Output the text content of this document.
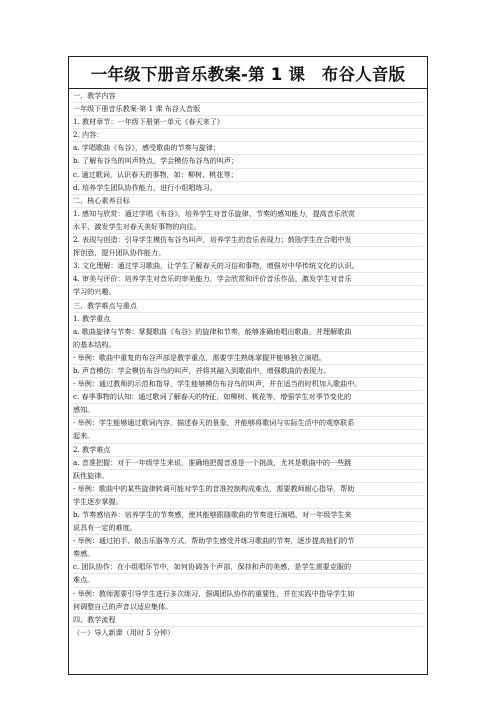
一年级下册音乐教案-第 1 课　布谷人音版
一、教学内容
一年级下册音乐教案-第 1 课 布谷人音版
1. 教材章节：一年级下册第一单元《春天来了》
2. 内容：
a. 学唱歌曲《布谷》，感受歌曲的节奏与旋律；
b. 了解布谷鸟的叫声特点，学会模仿布谷鸟的叫声；
c. 通过歌词，认识春天的事物，如：柳树、桃花等；
d. 培养学生团队协作能力，进行小组唱练习。
二、核心素养目标
1. 感知与欣赏：通过学唱《布谷》，培养学生对音乐旋律、节奏的感知能力，提高音乐欣赏
水平，激发学生对春天美好事物的向往。
2. 表现与创造：引导学生模仿布谷鸟叫声，培养学生的音乐表现力；鼓励学生在合唱中发
挥创意，提升团队协作能力。
3. 文化理解：通过学习歌曲，让学生了解春天的习俗和事物，增强对中华传统文化的认识。
4. 审美与评价：培养学生对音乐的审美能力，学会欣赏和评价音乐作品，激发学生对音乐
学习的兴趣。
三、教学难点与重点
1. 教学重点
a. 歌曲旋律与节奏：掌握歌曲《布谷》的旋律和节奏，能够准确地唱出歌曲，并理解歌曲
的基本结构。
- 举例：歌曲中重复的布谷声部是教学重点，需要学生熟练掌握并能够独立演唱。
b. 声音模仿：学会模仿布谷鸟的叫声，并将其融入到歌曲中，增强歌曲的表现力。
- 举例：通过教师的示范和指导，学生能够模仿布谷鸟的叫声，并在适当的时机加入歌曲中。
c. 春季事物的认知：通过歌词了解春天的特征，如柳树、桃花等，增强学生对季节变化的
感知。
- 举例：学生能够通过歌词内容，描述春天的景象，并能够将歌词与实际生活中的观察联系
起来。
2. 教学难点
a. 音准把握：对于一年级学生来说，准确地把握音准是一个挑战，尤其是歌曲中的一些跳
跃性旋律。
- 举例：歌曲中的某些旋律转调可能对学生的音准控制构成难点，需要教师耐心指导，帮助
学生逐步掌握。
b. 节奏感培养：培养学生的节奏感，使其能够跟随歌曲的节奏进行演唱，对一年级学生来
说具有一定的难度。
- 举例：通过拍手、敲击乐器等方式，帮助学生感受并练习歌曲的节奏，逐步提高他们的节
奏感。
c. 团队协作：在小组唱环节中，如何协调各个声部，保持和声的美感，是学生需要克服的
难点。
- 举例：教师需要引导学生进行多次练习，强调团队协作的重要性，并在实践中指导学生如
何调整自己的声音以适应集体。
四、教学流程
（一）导入新课（用时 5 分钟）
